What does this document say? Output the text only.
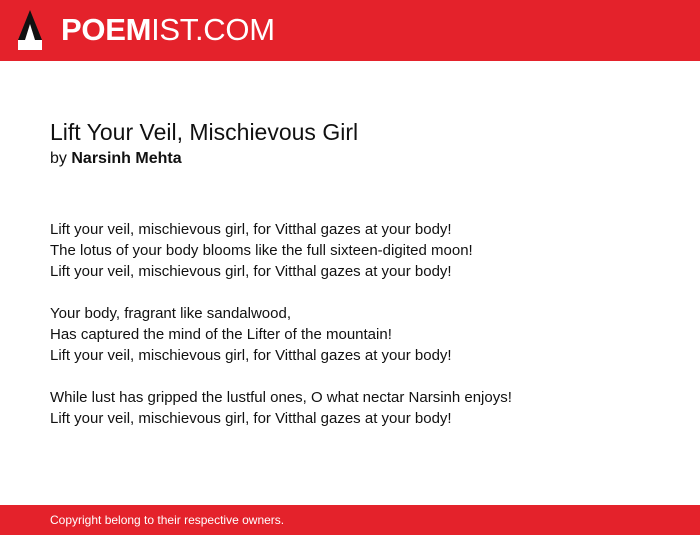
POEMIST.COM
Lift Your Veil, Mischievous Girl
by Narsinh Mehta
Lift your veil, mischievous girl, for Vitthal gazes at your body!
The lotus of your body blooms like the full sixteen-digited moon!
Lift your veil, mischievous girl, for Vitthal gazes at your body!
Your body, fragrant like sandalwood,
Has captured the mind of the Lifter of the mountain!
Lift your veil, mischievous girl, for Vitthal gazes at your body!
While lust has gripped the lustful ones, O what nectar Narsinh enjoys!
Lift your veil, mischievous girl, for Vitthal gazes at your body!
Copyright belong to their respective owners.
